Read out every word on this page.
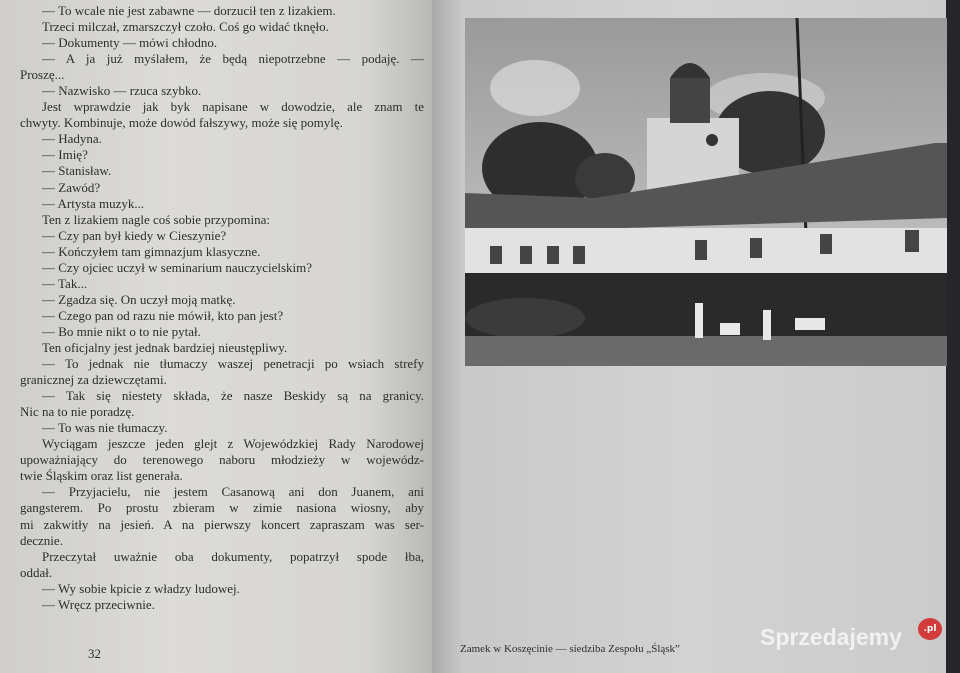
— To wcale nie jest zabawne — dorzucił ten z lizakiem.
Trzeci milczał, zmarszczył czoło. Coś go widać tknęło.
— Dokumenty — mówi chłodno.
— A ja już myślałem, że będą niepotrzebne — podaję. —
Proszę...
— Nazwisko — rzuca szybko.
Jest wprawdzie jak byk napisane w dowodzie, ale znam te
chwyty. Kombinuje, może dowód fałszywy, może się pomylę.
— Hadyna.
— Imię?
— Stanisław.
— Zawód?
— Artysta muzyk...
Ten z lizakiem nagle coś sobie przypomina:
— Czy pan był kiedy w Cieszynie?
— Kończyłem tam gimnazjum klasyczne.
— Czy ojciec uczył w seminarium nauczycielskim?
— Tak...
— Zgadza się. On uczył moją matkę.
— Czego pan od razu nie mówił, kto pan jest?
— Bo mnie nikt o to nie pytał.
Ten oficjalny jest jednak bardziej nieustępliwy.
— To jednak nie tłumaczy waszej penetracji po wsiach strefy
granicznej za dziewczętami.
— Tak się niestety składa, że nasze Beskidy są na granicy.
Nic na to nie poradzę.
— To was nie tłumaczy.
Wyciągam jeszcze jeden glejt z Wojewódzkiej Rady Narodowej
upoważniający do terenowego naboru młodzieży w wojewódz-
twie Śląskim oraz list generała.
— Przyjacielu, nie jestem Casanową ani don Juanem, ani
gangsterem. Po prostu zbieram w zimie nasiona wiosny, aby
mi zakwitły na jesień. A na pierwszy koncert zapraszam was ser-
decznie.
Przeczytał uważnie oba dokumenty, popatrzył spode łba,
oddał.
— Wy sobie kpicie z władzy ludowej.
— Wręcz przeciwnie.
32	Zamek w Koszęcinie — siedziba Zespołu „Śląsk”	Sprzedajemy	.pl
